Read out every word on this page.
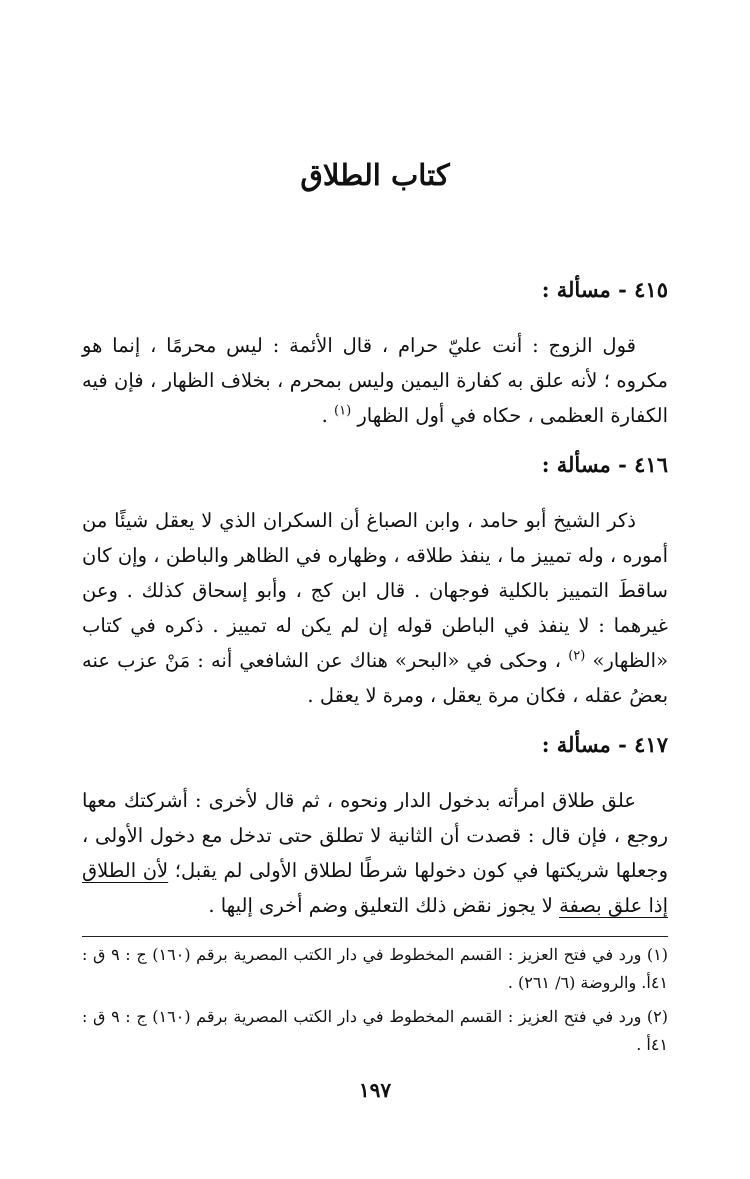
كتاب الطلاق
٤١٥ - مسألة :

قول الزوج : أنت عليّ حرام ، قال الأئمة : ليس محرمًا ، إنما هو مكروه ؛ لأنه علق به كفارة اليمين وليس بمحرم ، بخلاف الظهار ، فإن فيه الكفارة العظمى ، حكاه في أول الظهار $^{(١)}$ .

٤١٦ - مسألة :

ذكر الشيخ أبو حامد ، وابن الصباغ أن السكران الذي لا يعقل شيئًا من أموره ، وله تمييز ما ، ينفذ طلاقه ، وظهاره في الظاهر والباطن ، وإن كان ساقطَ التمييز بالكلية فوجهان . قال ابن كج ، وأبو إسحاق كذلك . وعن غيرهما : لا ينفذ في الباطن قوله إن لم يكن له تمييز . ذكره في كتاب «الظهار» $^{(٢)}$ ، وحكى في «البحر» هناك عن الشافعي أنه : مَنْ عزب عنه بعضُ عقله ، فكان مرة يعقل ، ومرة لا يعقل .

٤١٧ - مسألة :

علق طلاق امرأته بدخول الدار ونحوه ، ثم قال لأخرى : أشركتك معها روجع ، فإن قال : قصدت أن الثانية لا تطلق حتى تدخل مع دخول الأولى ، وجعلها شريكتها في كون دخولها شرطًا لطلاق الأولى لم يقبل؛ لأن الطلاق إذا علق بصفة لا يجوز نقض ذلك التعليق وضم أخرى إليها .

(١) ورد في فتح العزيز : القسم المخطوط في دار الكتب المصرية برقم (١٦٠) ج : ٩ ق : ٤١أ. والروضة (٦/ ٢٦١) .

(٢) ورد في فتح العزيز : القسم المخطوط في دار الكتب المصرية برقم (١٦٠) ج : ٩ ق : ٤١أ .

١٩٧
